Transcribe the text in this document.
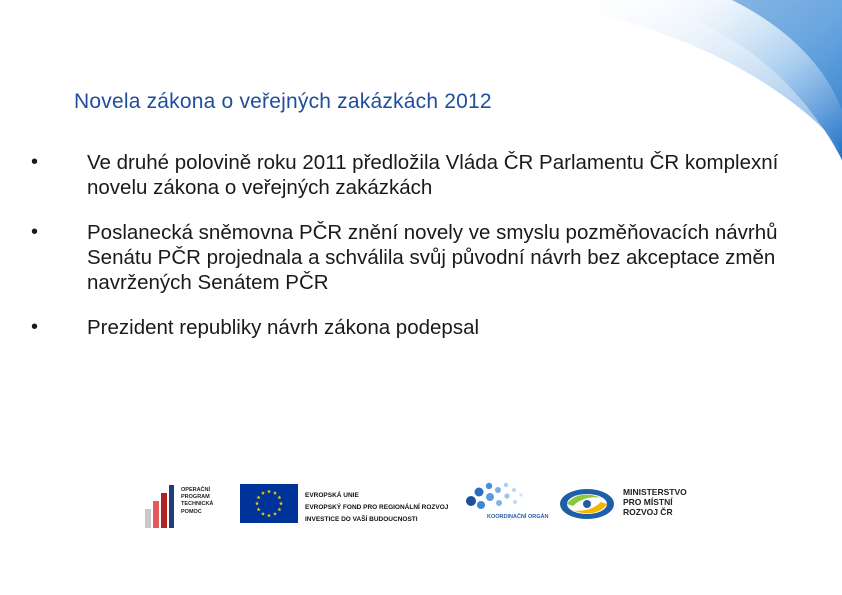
Novela zákona o veřejných zakázkách 2012
•	Ve druhé polovině roku 2011 předložila Vláda ČR Parlamentu ČR komplexní novelu zákona o veřejných zakázkách
•	Poslanecká sněmovna PČR znění novely ve smyslu pozměňovacích návrhů Senátu PČR projednala a schválila svůj původní návrh bez akceptace změn navržených Senátem PČR
•	Prezident republiky návrh zákona podepsal
OPERAČNÍ
PROGRAM
TECHNICKÁ
POMOC
EVROPSKÁ UNIE
EVROPSKÝ FOND PRO REGIONÁLNÍ ROZVOJ
INVESTICE DO VAŠÍ BUDOUCNOSTI	KOORDINAČNÍ ORGÁN
MINISTERSTVO
PRO MÍSTNÍ
ROZVOJ ČR
